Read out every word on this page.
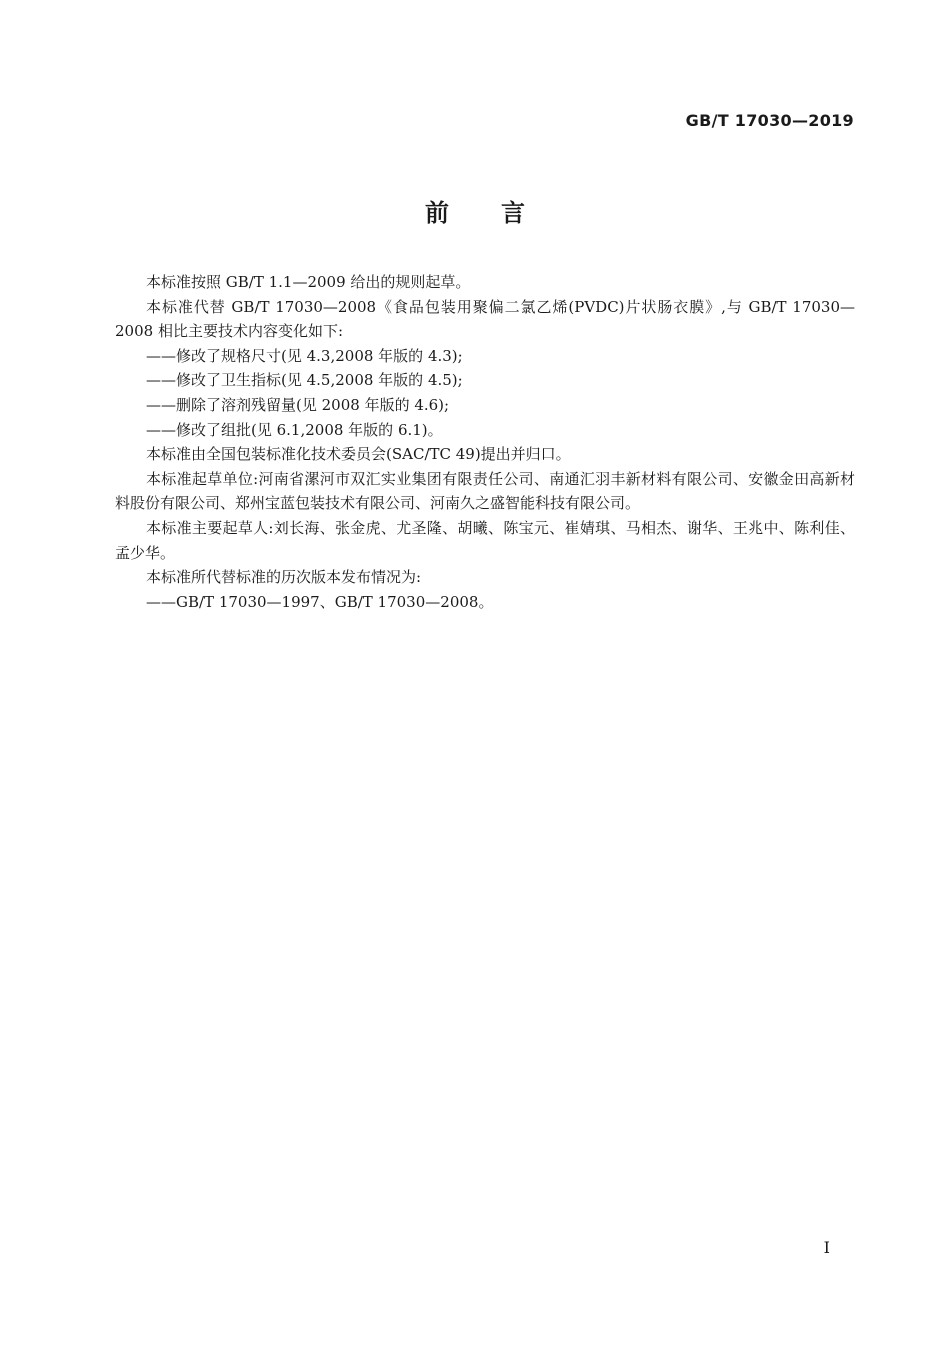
GB/T 17030—2019
前言

本标准按照 GB/T 1.1—2009 给出的规则起草。

本标准代替 GB/T 17030—2008《食品包装用聚偏二氯乙烯(PVDC)片状肠衣膜》,与 GB/T 17030—2008 相比主要技术内容变化如下:

——修改了规格尺寸(见 4.3,2008 年版的 4.3);

——修改了卫生指标(见 4.5,2008 年版的 4.5);

——删除了溶剂残留量(见 2008 年版的 4.6);

——修改了组批(见 6.1,2008 年版的 6.1)。

本标准由全国包装标准化技术委员会(SAC/TC 49)提出并归口。

本标准起草单位:河南省漯河市双汇实业集团有限责任公司、南通汇羽丰新材料有限公司、安徽金田高新材料股份有限公司、郑州宝蓝包装技术有限公司、河南久之盛智能科技有限公司。

本标准主要起草人:刘长海、张金虎、尤圣隆、胡曦、陈宝元、崔婧琪、马相杰、谢华、王兆中、陈利佳、孟少华。

本标准所代替标准的历次版本发布情况为:

——GB/T 17030—1997、GB/T 17030—2008。

I
